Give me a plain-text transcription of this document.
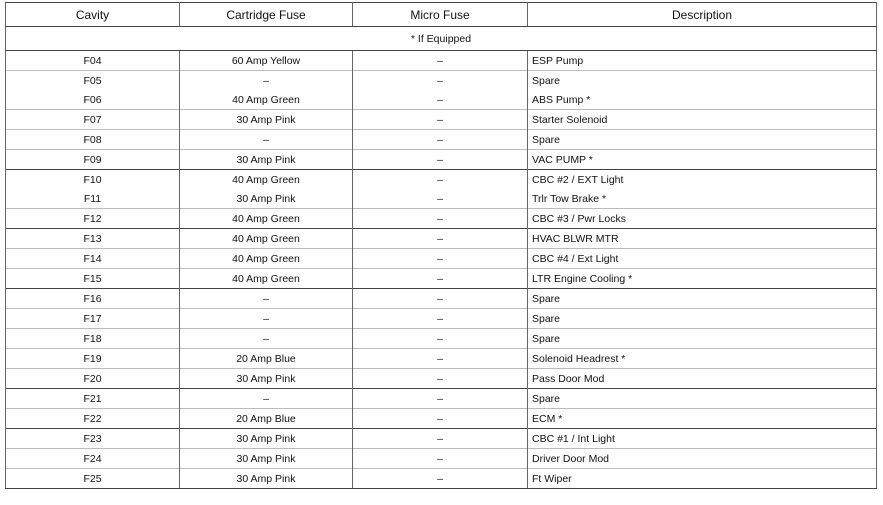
Cavity	Cartridge Fuse	Micro Fuse	Description
* If Equipped			
F04	60 Amp Yellow	–	ESP Pump
F05	–	–	Spare
F06	40 Amp Green	–	ABS Pump *
F07	30 Amp Pink	–	Starter Solenoid
F08	–	–	Spare
F09	30 Amp Pink	–	VAC PUMP *
F10	40 Amp Green	–	CBC #2 / EXT Light
F11	30 Amp Pink	–	Trlr Tow Brake *
F12	40 Amp Green	–	CBC #3 / Pwr Locks
F13	40 Amp Green	–	HVAC BLWR MTR
F14	40 Amp Green	–	CBC #4 / Ext Light
F15	40 Amp Green	–	LTR Engine Cooling *
F16	–	–	Spare
F17	–	–	Spare
F18	–	–	Spare
F19	20 Amp Blue	–	Solenoid Headrest *
F20	30 Amp Pink	–	Pass Door Mod
F21	–	–	Spare
F22	20 Amp Blue	–	ECM *
F23	30 Amp Pink	–	CBC #1 / Int Light
F24	30 Amp Pink	–	Driver Door Mod
F25	30 Amp Pink	–	Ft Wiper
